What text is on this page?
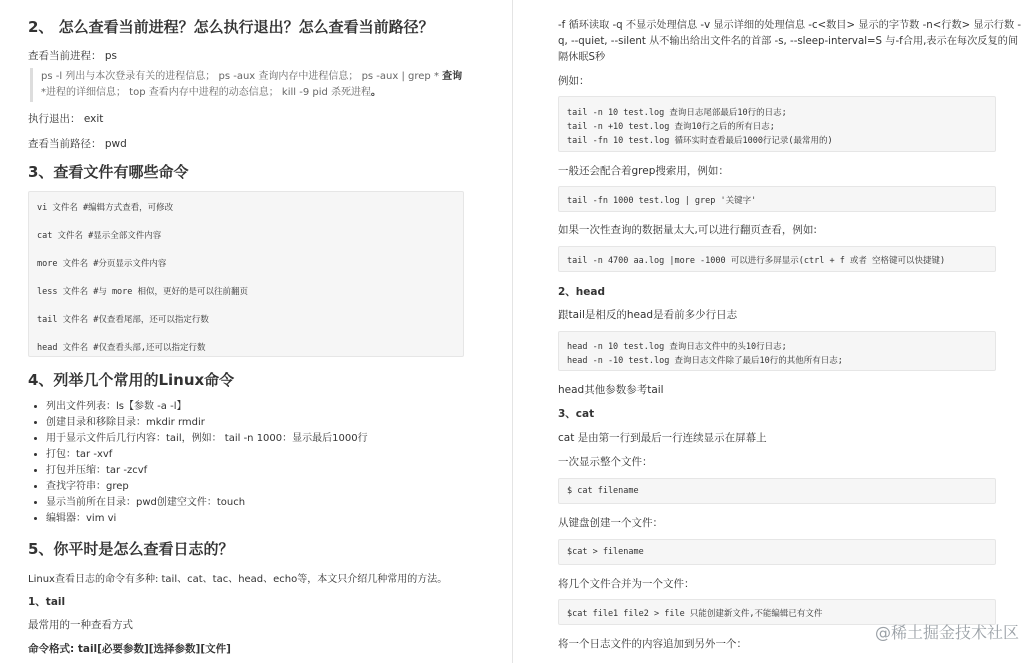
2、 怎么查看当前进程？怎么执行退出？怎么查看当前路径？
查看当前进程： ps
ps -l 列出与本次登录有关的进程信息； ps -aux 查询内存中进程信息； ps -aux | grep * 查询
*进程的详细信息； top 查看内存中进程的动态信息； kill -9 pid 杀死进程。
执行退出： exit
查看当前路径： pwd
3、查看文件有哪些命令
vi 文件名 #编辑方式查看，可修改
cat 文件名 #显示全部文件内容
more 文件名 #分页显示文件内容
less 文件名 #与 more 相似，更好的是可以往前翻页
tail 文件名 #仅查看尾部，还可以指定行数
head 文件名 #仅查看头部,还可以指定行数
4、列举几个常用的Linux命令
• 列出文件列表：ls【参数 -a -l】
• 创建目录和移除目录：mkdir rmdir
• 用于显示文件后几行内容：tail，例如： tail -n 1000：显示最后1000行
• 打包：tar -xvf
• 打包并压缩：tar -zcvf
• 查找字符串：grep
• 显示当前所在目录：pwd创建空文件：touch
• 编辑器：vim vi
5、你平时是怎么查看日志的？
Linux查看日志的命令有多种: tail、cat、tac、head、echo等，本文只介绍几种常用的方法。
1、tail
最常用的一种查看方式
命令格式: tail[必要参数][选择参数][文件]
-f 循环读取 -q 不显示处理信息 -v 显示详细的处理信息 -c<数目> 显示的字节数 -n<行数> 显示行数 -
q, --quiet, --silent 从不输出给出文件名的首部 -s, --sleep-interval=S 与-f合用,表示在每次反复的间
隔休眠S秒
例如：
tail -n 10 test.log 查询日志尾部最后10行的日志;
tail -n +10 test.log 查询10行之后的所有日志;
tail -fn 10 test.log 循环实时查看最后1000行记录(最常用的)
一般还会配合着grep搜索用，例如：
tail -fn 1000 test.log | grep '关键字'
如果一次性查询的数据量太大,可以进行翻页查看，例如:
tail -n 4700 aa.log |more -1000 可以进行多屏显示(ctrl + f 或者 空格键可以快捷键)
2、head
跟tail是相反的head是看前多少行日志
head -n 10 test.log 查询日志文件中的头10行日志;
head -n -10 test.log 查询日志文件除了最后10行的其他所有日志;
head其他参数参考tail
3、cat
cat 是由第一行到最后一行连续显示在屏幕上
一次显示整个文件：
$ cat filename
从键盘创建一个文件：
$cat > filename
将几个文件合并为一个文件：
$cat file1 file2 > file 只能创建新文件,不能编辑已有文件
将一个日志文件的内容追加到另外一个：
@稀土掘金技术社区
